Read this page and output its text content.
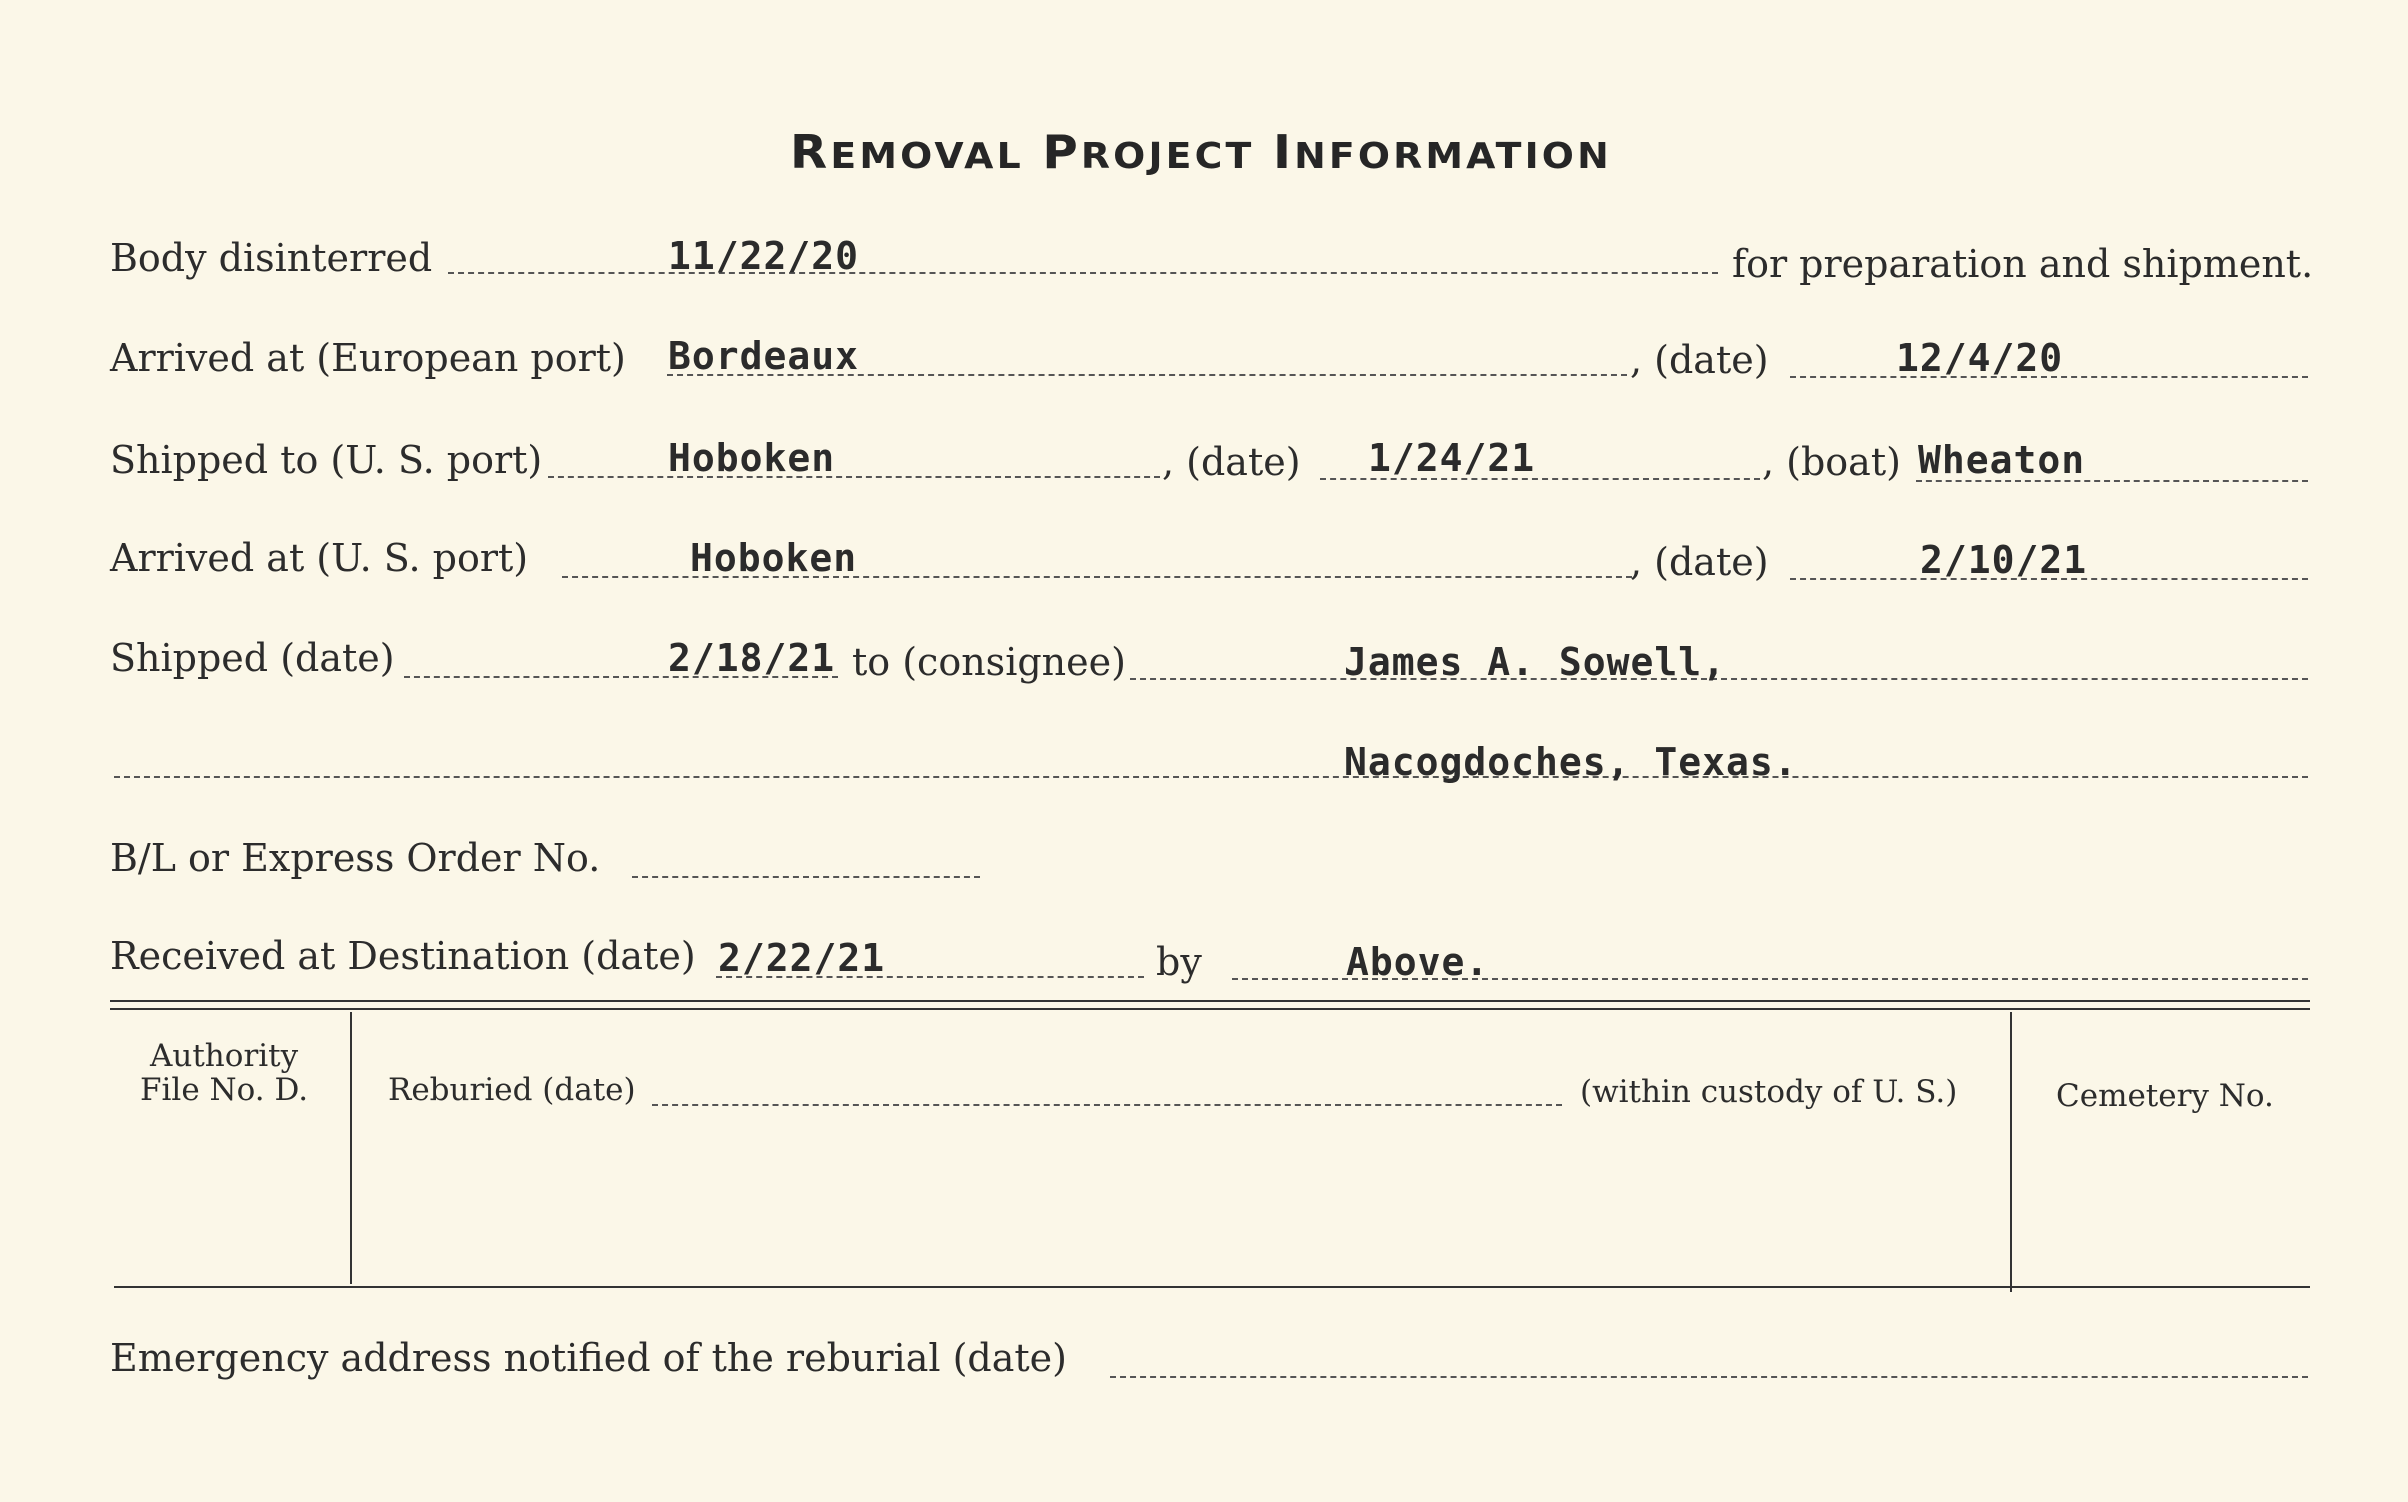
REMOVAL PROJECT INFORMATION
Body disinterred	11/22/20	for preparation and shipment.
Arrived at (European port) Bordeaux	, (date)	12/4/20
Shipped to (U. S. port)	Hoboken	, (date) 1/24/21	, (boat) Wheaton
Arrived at (U. S. port)	Hoboken	, (date)	2/10/21
Shipped (date)	2/18/21 to (consignee)	James A. Sowell,
Nacogdoches, Texas.
B/L or Express Order No.
Received at Destination (date) 2/22/21	by	Above.
Authority
File No. D.	Reburied (date)	(within custody of U. S.)	Cemetery No.
Emergency address notified of the reburial (date)
